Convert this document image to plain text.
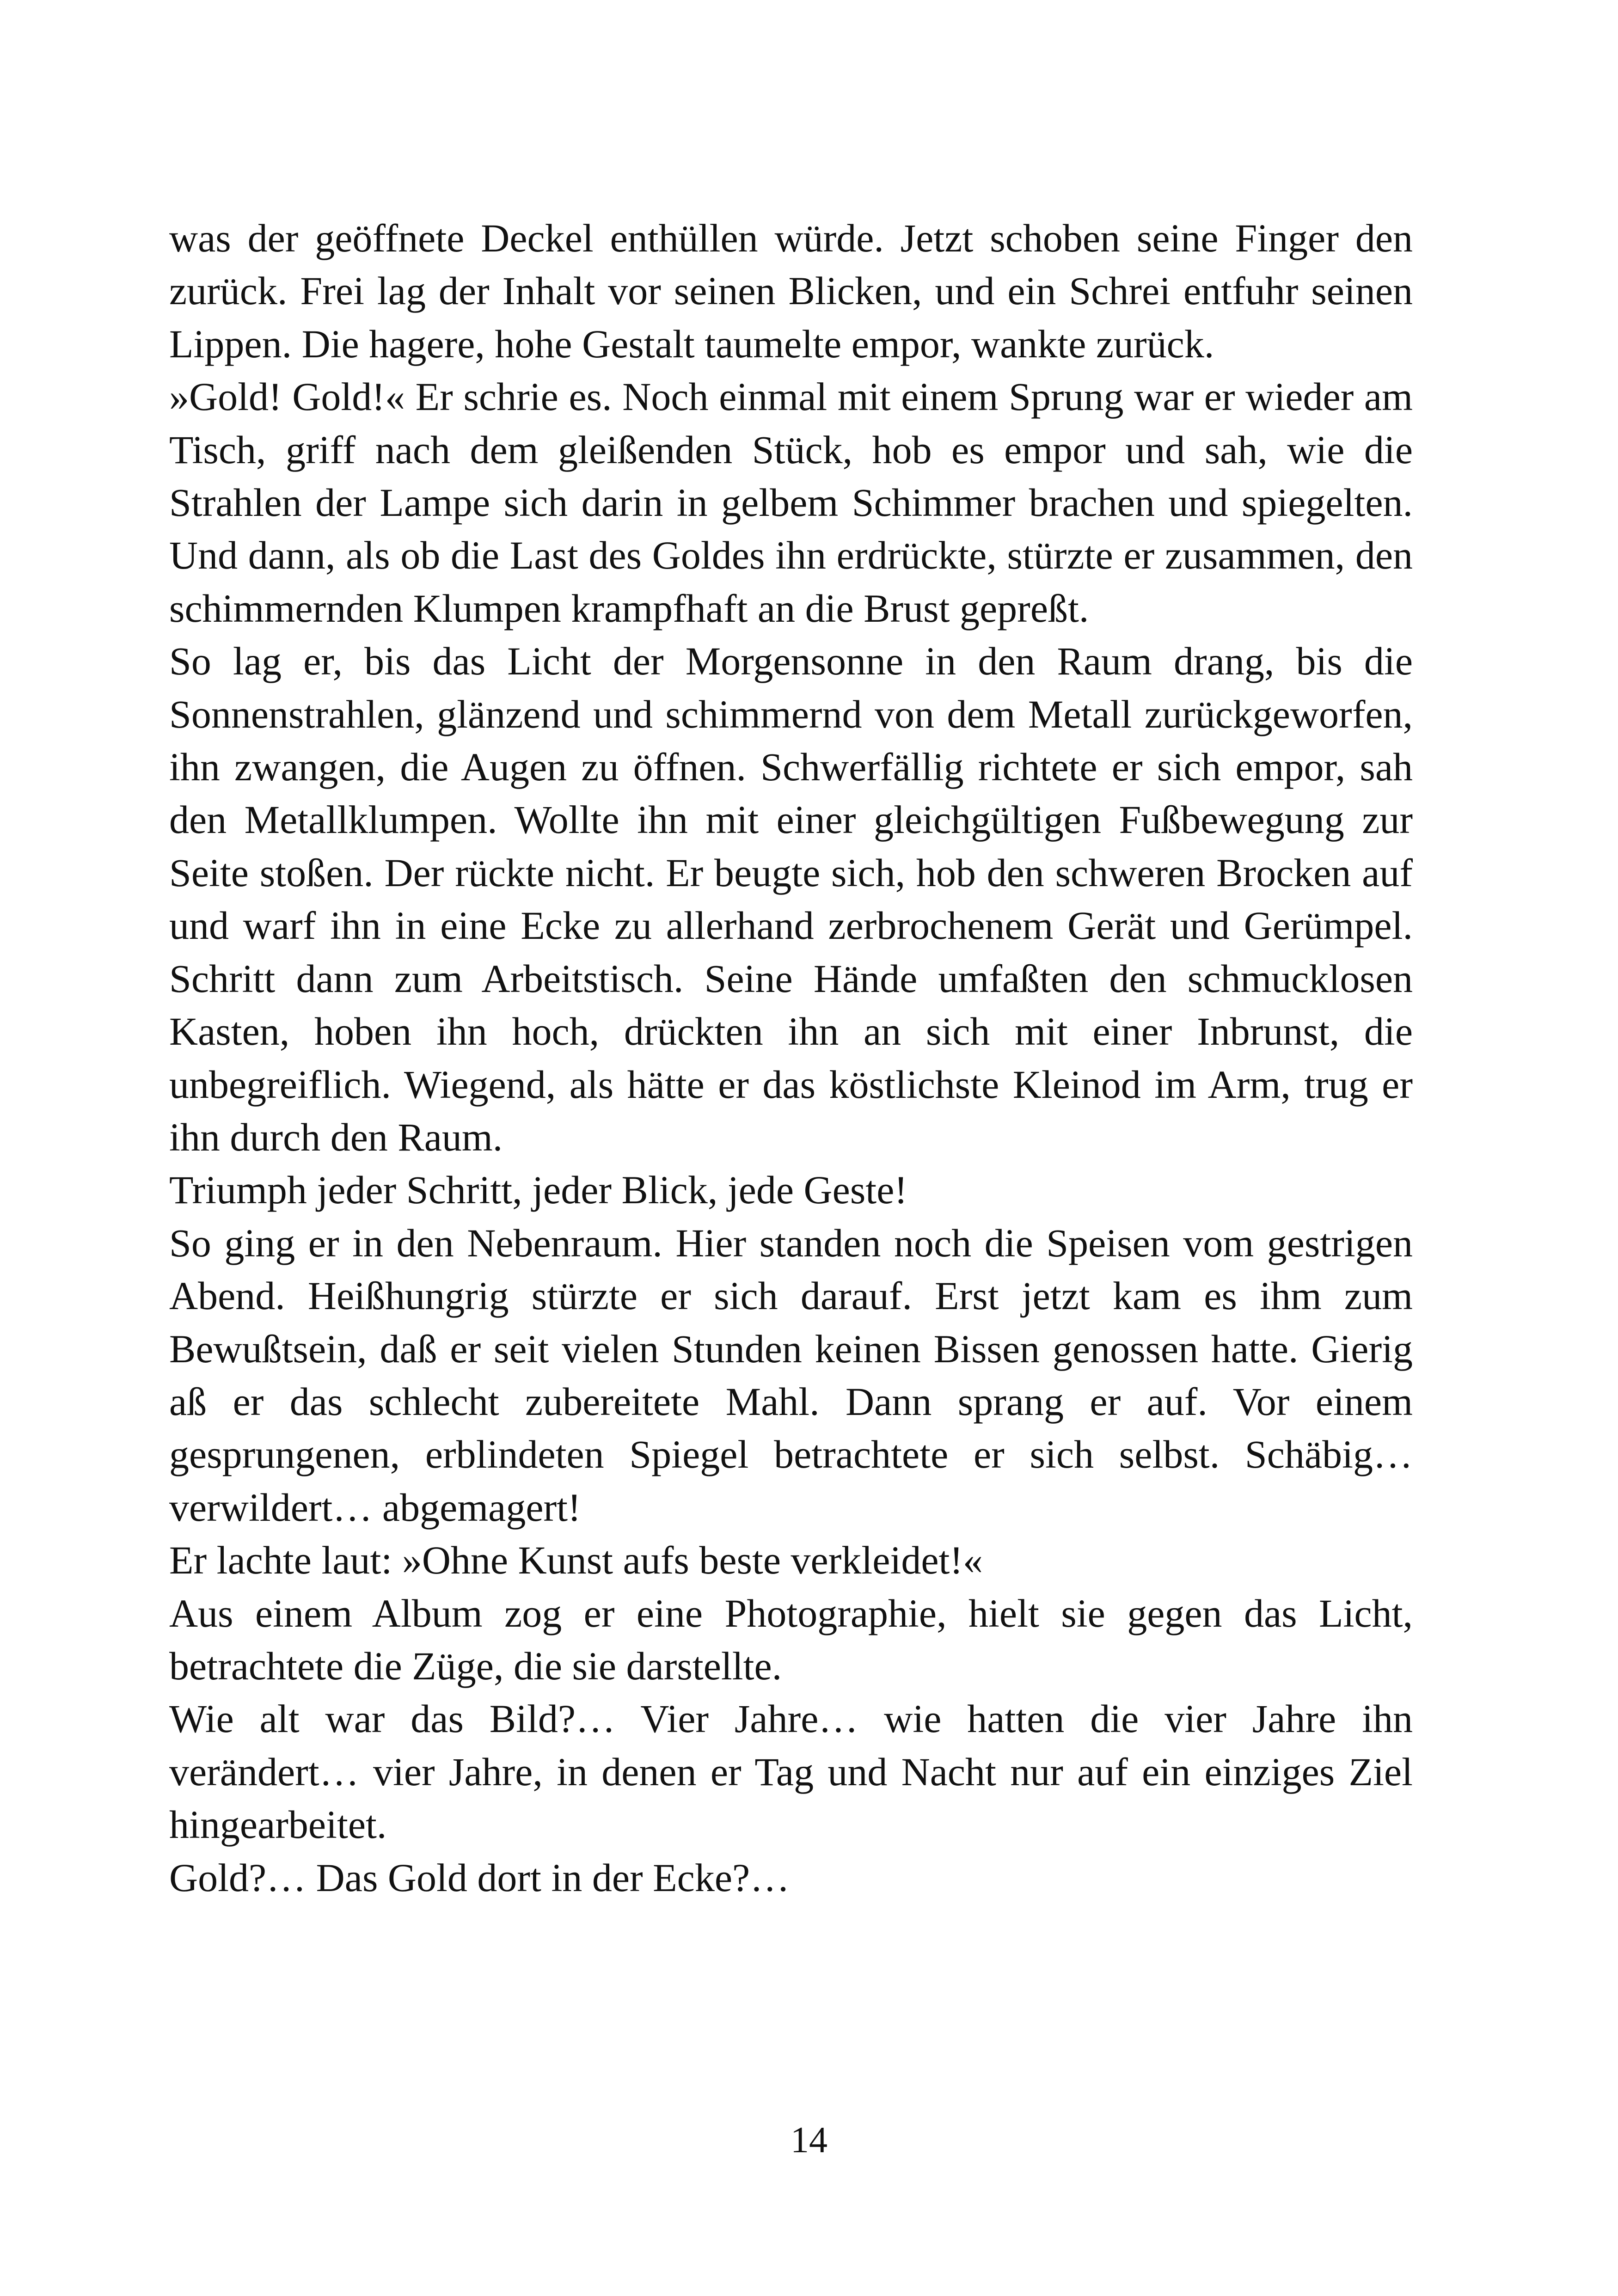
was der geöffnete Deckel enthüllen würde. Jetzt schoben seine Finger den zurück. Frei lag der Inhalt vor seinen Blicken, und ein Schrei entfuhr seinen Lippen. Die hagere, hohe Gestalt taumelte empor, wankte zurück.

»Gold! Gold!« Er schrie es. Noch einmal mit einem Sprung war er wieder am Tisch, griff nach dem gleißenden Stück, hob es empor und sah, wie die Strahlen der Lampe sich darin in gelbem Schimmer brachen und spiegelten. Und dann, als ob die Last des Goldes ihn erdrückte, stürzte er zusammen, den schimmernden Klumpen krampfhaft an die Brust gepreßt.

So lag er, bis das Licht der Morgensonne in den Raum drang, bis die Sonnenstrahlen, glänzend und schimmernd von dem Metall zurückgeworfen, ihn zwangen, die Augen zu öffnen. Schwerfällig richtete er sich empor, sah den Metallklumpen. Wollte ihn mit einer gleichgültigen Fußbewegung zur Seite stoßen. Der rückte nicht. Er beugte sich, hob den schweren Brocken auf und warf ihn in eine Ecke zu allerhand zerbrochenem Gerät und Gerümpel. Schritt dann zum Arbeitstisch. Seine Hände umfaßten den schmucklosen Kasten, hoben ihn hoch, drückten ihn an sich mit einer Inbrunst, die unbegreiflich. Wiegend, als hätte er das köstlichste Kleinod im Arm, trug er ihn durch den Raum.

Triumph jeder Schritt, jeder Blick, jede Geste!

So ging er in den Nebenraum. Hier standen noch die Speisen vom gestrigen Abend. Heißhungrig stürzte er sich darauf. Erst jetzt kam es ihm zum Bewußtsein, daß er seit vielen Stunden keinen Bissen genossen hatte. Gierig aß er das schlecht zubereitete Mahl. Dann sprang er auf. Vor einem gesprungenen, erblindeten Spiegel betrachtete er sich selbst. Schäbig… verwildert… abgemagert!

Er lachte laut: »Ohne Kunst aufs beste verkleidet!«

Aus einem Album zog er eine Photographie, hielt sie gegen das Licht, betrachtete die Züge, die sie darstellte.

Wie alt war das Bild?… Vier Jahre… wie hatten die vier Jahre ihn verändert… vier Jahre, in denen er Tag und Nacht nur auf ein einziges Ziel hingearbeitet.

Gold?… Das Gold dort in der Ecke?…

14
